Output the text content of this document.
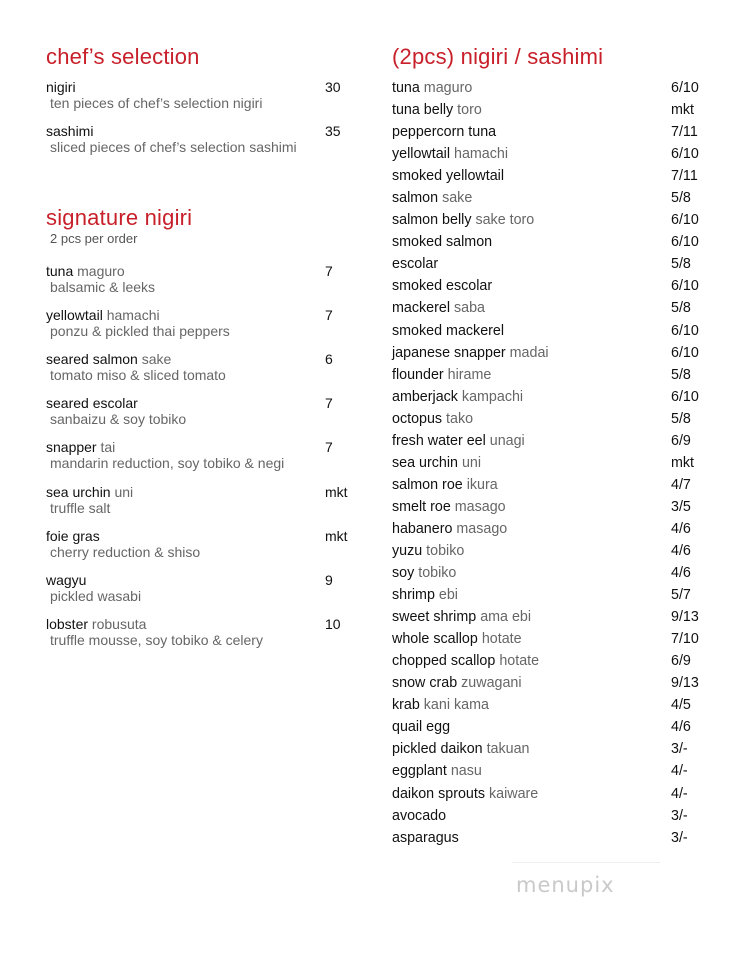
chef’s selection
nigiri
ten pieces of chef’s selection nigiri
30
sashimi
sliced pieces of chef’s selection sashimi
35
signature nigiri
2 pcs per order
tuna maguro
balsamic & leeks
7
yellowtail hamachi
ponzu & pickled thai peppers
7
seared salmon sake
tomato miso & sliced tomato
6
seared escolar
sanbaizu & soy tobiko
7
snapper tai
mandarin reduction, soy tobiko & negi
7
sea urchin uni
truffle salt
mkt
foie gras
cherry reduction & shiso
mkt
wagyu
pickled wasabi
9
lobster robusuta
truffle mousse, soy tobiko & celery
10
(2pcs) nigiri / sashimi
tuna maguro	6/10
tuna belly toro	mkt
peppercorn tuna	7/11
yellowtail hamachi	6/10
smoked yellowtail	7/11
salmon sake	5/8
salmon belly sake toro	6/10
smoked salmon	6/10
escolar	5/8
smoked escolar	6/10
mackerel saba	5/8
smoked mackerel	6/10
japanese snapper madai	6/10
flounder hirame	5/8
amberjack kampachi	6/10
octopus tako	5/8
fresh water eel unagi	6/9
sea urchin uni	mkt
salmon roe ikura	4/7
smelt roe masago	3/5
habanero masago	4/6
yuzu tobiko	4/6
soy tobiko	4/6
shrimp ebi	5/7
sweet shrimp ama ebi	9/13
whole scallop hotate	7/10
chopped scallop hotate	6/9
snow crab zuwagani	9/13
krab kani kama	4/5
quail egg	4/6
pickled daikon takuan	3/-
eggplant nasu	4/-
daikon sprouts kaiware	4/-
avocado	3/-
asparagus	3/-
menupix
